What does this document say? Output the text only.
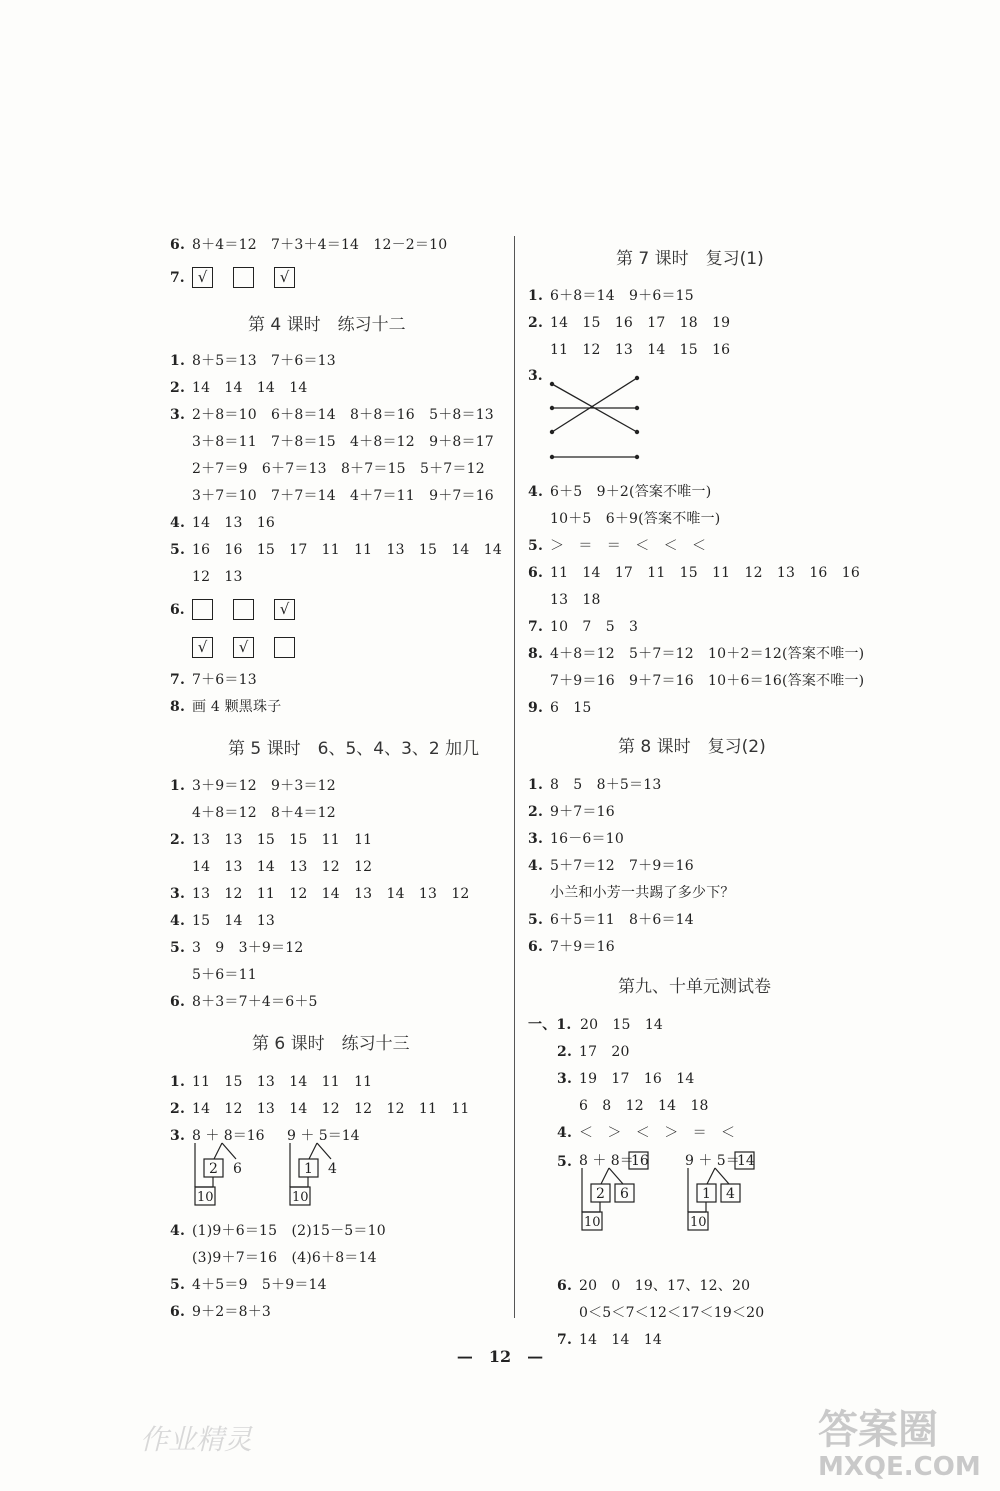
6. 8＋4＝12　7＋3＋4＝14　12－2＝10
7. √	√
第 4 课时　练习十二
1. 8＋5＝13　7＋6＝13
2. 14　14　14　14
3. 2＋8＝10　6＋8＝14　8＋8＝16　5＋8＝13
3＋8＝11　7＋8＝15　4＋8＝12　9＋8＝17
2＋7＝9　6＋7＝13　8＋7＝15　5＋7＝12
3＋7＝10　7＋7＝14　4＋7＝11　9＋7＝16
4. 14　13　16
5. 16　16　15　17　11　11　13　15　14　14
12　13
6.	√
√ √
7. 7＋6＝13
8. 画 4 颗黑珠子
第 5 课时　6、5、4、3、2 加几
1. 3＋9＝12　9＋3＝12
4＋8＝12　8＋4＝12
2. 13　13　15　15　11　11
14　13　14　13　12　12
3. 13　12　11　12　14　13　14　13　12
4. 15　14　13
5. 3　9　3＋9＝12
5＋6＝11
6. 8＋3＝7＋4＝6＋5
第 6 课时　练习十三
1. 11　15　13　14　11　11
2. 14　12　13　14　12　12　12　11　11
4. (1)9＋6＝15　(2)15－5＝10
(3)9＋7＝16　(4)6＋8＝14
5. 4＋5＝9　5＋9＝14
6. 9＋2＝8＋3
3. 8 ＋ 8＝16
2 6
10
9 ＋ 5＝14
1 4
10
第 7 课时　复习(1)
1. 6＋8＝14　9＋6＝15
2. 14　15　16　17　18　19
11　12　13　14　15　16
4. 6＋5　9＋2(答案不唯一)
10＋5　6＋9(答案不唯一)
5. ＞　＝　＝　＜　＜　＜
6. 11　14　17　11　15　11　12　13　16　16
13　18
7. 10　7　5　3
8. 4＋8＝12　5＋7＝12　10＋2＝12(答案不唯一)
7＋9＝16　9＋7＝16　10＋6＝16(答案不唯一)
9. 6　15
第 8 课时　复习(2)
1. 8　5　8＋5＝13
2. 9＋7＝16
3. 16－6＝10
4. 5＋7＝12　7＋9＝16
小兰和小芳一共踢了多少下？
5. 6＋5＝11　8＋6＝14
6. 7＋9＝16
第九、十单元测试卷
一、1. 20　15　14
2. 17　20
3. 19　17　16　14
6　8　12　14　18
4. ＜　＞　＜　＞　＝　＜
6. 20　0　19、17、12、20
0＜5＜7＜12＜17＜19＜20
7. 14　14　14
3.
5. 8 ＋ 8＝
16
2 6
10
9 ＋ 5＝
14
1 4
10
—　 12　 —
答案圈
MXQE.COM
作业精灵
